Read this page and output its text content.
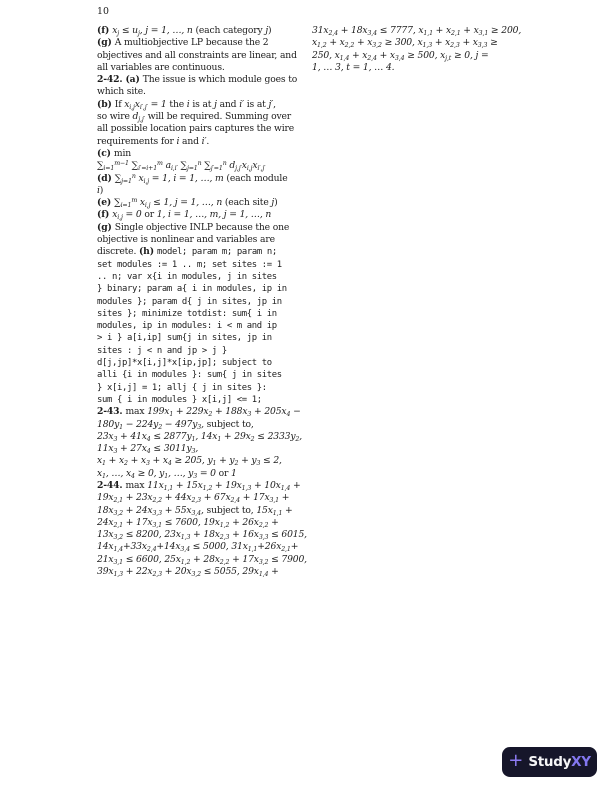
10
(f) $x_j \le u_j$, j = 1, …, n (each category j)
(g) A multiobjective LP because the 2
objectives and all constraints are linear, and
all variables are continuous.
2-42. (a) The issue is which module goes to
which site.
(b) If $x_{i,j}x_{i',j'} = 1$ the i is at j and i′ is at j′,
so wire $d_{j,j'}$ will be required. Summing over
all possible location pairs captures the wire
requirements for i and i′.
(c) min
$\sum_{i=1}^{m-1}$ $\sum_{i'=i+1}^m$ $a_{i,i'}$ $\sum_{j=1}^n$ $\sum_{j'=1}^n$ $d_{j,j'}x_{i,j}x_{i',j'}$
(d) $\sum_{j=1}^n$ $x_{i,j} = 1$, i = 1, …, m (each module
i)
(e) $\sum_{i=1}^m$ $x_{i,j} \le 1$, j = 1, …, n (each site j)
(f) $x_{i,j} = 0$ or 1, i = 1, …, m, j = 1, …, n
(g) Single objective INLP because the one
objective is nonlinear and variables are
discrete. (h) model; param m; param n;
set modules := 1 .. m; set sites := 1
.. n; var x{i in modules, j in sites
} binary; param a{ i in modules, ip in
modules }; param d{ j in sites, jp in
sites }; minimize totdist: sum{ i in
modules, ip in modules: i < m and ip
> i } a[i,ip] sum{j in sites, jp in
sites : j < n and jp > j }
d[j,jp]*x[i,j]*x[ip,jp]; subject to
alli {i in modules }: sum{ j in sites
} x[i,j] = 1; allj { j in sites }:
sum { i in modules } x[i,j] <= 1;
2-43. $\max 199x_1 + 229x_2 + 188x_3 + 205x_4$ −
$180y_1 - 224y_2 - 497y_3$, subject to,
$23x_3 + 41x_4 \le 2877y_1$, $14x_1 + 29x_2 \le 2333y_2$,
$11x_3 + 27x_4 \le 3011y_3$,
$x_1 + x_2 + x_3 + x_4 \ge 205$, $y_1 + y_2 + y_3 \le 2$,
$x_1$, …, $x_4 \ge 0$, $y_1$, …, $y_3 = 0$ or 1
2-44. $\max 11x_{1,1} + 15x_{1,2} + 19x_{1,3} + 10x_{1,4}$ +
$19x_{2,1} + 23x_{2,2} + 44x_{2,3} + 67x_{2,4} + 17x_{3,1}$ +
$18x_{3,2} + 24x_{3,3} + 55x_{3,4}$, subject to, $15x_{1,1}$ +
$24x_{2,1} + 17x_{3,1} \le 7600$, $19x_{1,2} + 26x_{2,2}$ +
$13x_{3,2} \le 8200$, $23x_{1,3} + 18x_{2,3} + 16x_{3,3} \le 6015$,
$14x_{1,4}+33x_{2,4}+14x_{3,4} \le 5000$, $31x_{1,1}+26x_{2,1}+$
$21x_{3,1} \le 6600$, $25x_{1,2} + 28x_{2,2} + 17x_{3,2} \le 7900$,
$39x_{1,3} + 22x_{2,3} + 20x_{3,2} \le 5055$, $29x_{1,4}$ +
$31x_{2,4} + 18x_{3,4} \le 7777$, $x_{1,1} + x_{2,1} + x_{3,1} \ge 200$,
$x_{1,2} + x_{2,2} + x_{3,2} \ge 300$, $x_{1,3} + x_{2,3} + x_{3,3}$ ≥
250, $x_{1,4} + x_{2,4} + x_{3,4} \ge 500$, $x_{j,t} \ge 0$, j =
1, … 3, t = 1, … 4.
+ StudyXY
